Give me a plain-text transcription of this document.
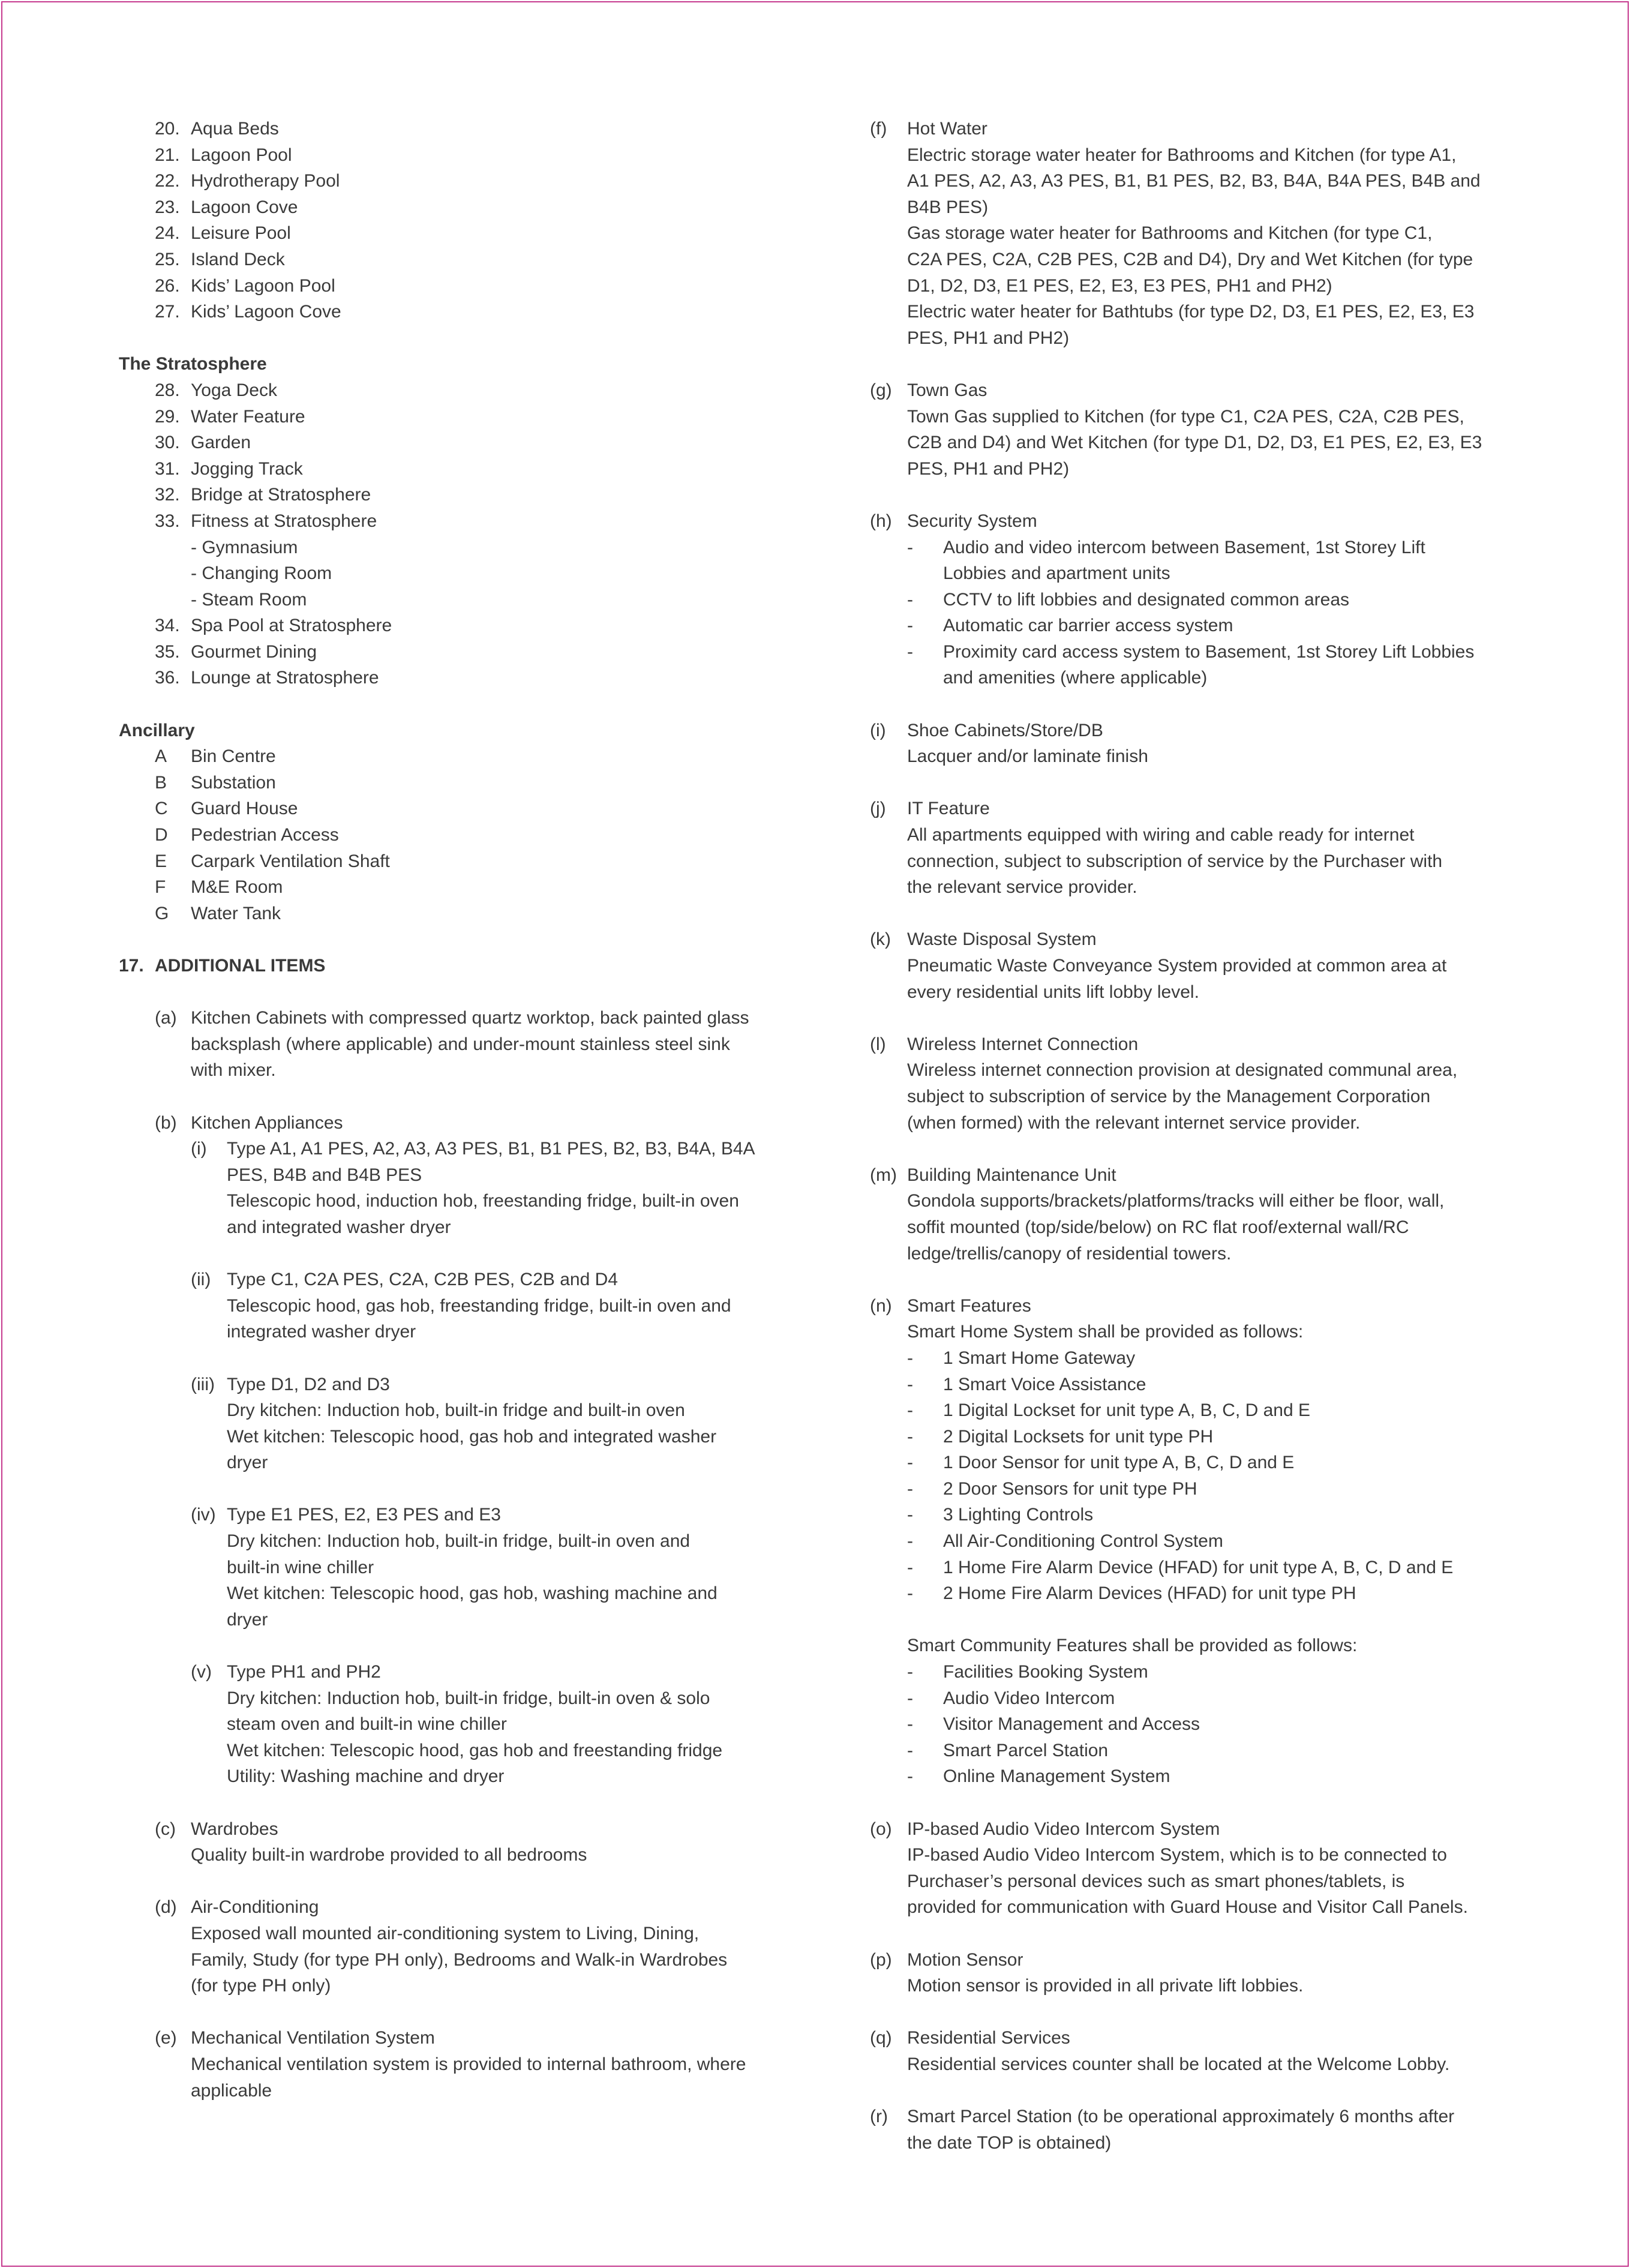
20. Aqua Beds
21. Lagoon Pool
22. Hydrotherapy Pool
23. Lagoon Cove
24. Leisure Pool
25. Island Deck
26. Kids’ Lagoon Pool
27. Kids’ Lagoon Cove
The Stratosphere
28. Yoga Deck
29. Water Feature
30. Garden
31. Jogging Track
32. Bridge at Stratosphere
33. Fitness at Stratosphere
- Gymnasium
- Changing Room
- Steam Room
34. Spa Pool at Stratosphere
35. Gourmet Dining
36. Lounge at Stratosphere
Ancillary
A	Bin Centre
B	Substation
C	Guard House
D	Pedestrian Access
E	Carpark Ventilation Shaft
F	M&E Room
G	Water Tank
17. ADDITIONAL ITEMS
(a) Kitchen Cabinets with compressed quartz worktop, back painted glass
backsplash (where applicable) and under-mount stainless steel sink
with mixer.
(b) Kitchen Appliances
(i)	Type A1, A1 PES, A2, A3, A3 PES, B1, B1 PES, B2, B3, B4A, B4A
PES, B4B and B4B PES
Telescopic hood, induction hob, freestanding fridge, built-in oven
and integrated washer dryer
(ii) Type C1, C2A PES, C2A, C2B PES, C2B and D4
Telescopic hood, gas hob, freestanding fridge, built-in oven and
integrated washer dryer
(iii) Type D1, D2 and D3
Dry kitchen: Induction hob, built-in fridge and built-in oven
Wet kitchen: Telescopic hood, gas hob and integrated washer
dryer
(iv) Type E1 PES, E2, E3 PES and E3
Dry kitchen: Induction hob, built-in fridge, built-in oven and
built-in wine chiller
Wet kitchen: Telescopic hood, gas hob, washing machine and
dryer
(v) Type PH1 and PH2
Dry kitchen: Induction hob, built-in fridge, built-in oven & solo
steam oven and built-in wine chiller
Wet kitchen: Telescopic hood, gas hob and freestanding fridge
Utility: Washing machine and dryer
(c) Wardrobes
Quality built-in wardrobe provided to all bedrooms
(d) Air-Conditioning
Exposed wall mounted air-conditioning system to Living, Dining,
Family, Study (for type PH only), Bedrooms and Walk-in Wardrobes
(for type PH only)
(e) Mechanical Ventilation System
Mechanical ventilation system is provided to internal bathroom, where
applicable
(f)	Hot Water
Electric storage water heater for Bathrooms and Kitchen (for type A1,
A1 PES, A2, A3, A3 PES, B1, B1 PES, B2, B3, B4A, B4A PES, B4B and
B4B PES)
Gas storage water heater for Bathrooms and Kitchen (for type C1,
C2A PES, C2A, C2B PES, C2B and D4), Dry and Wet Kitchen (for type
D1, D2, D3, E1 PES, E2, E3, E3 PES, PH1 and PH2)
Electric water heater for Bathtubs (for type D2, D3, E1 PES, E2, E3, E3
PES, PH1 and PH2)
(g) Town Gas
Town Gas supplied to Kitchen (for type C1, C2A PES, C2A, C2B PES,
C2B and D4) and Wet Kitchen (for type D1, D2, D3, E1 PES, E2, E3, E3
PES, PH1 and PH2)
(h) Security System
-	Audio and video intercom between Basement, 1st Storey Lift
Lobbies and apartment units
-	CCTV to lift lobbies and designated common areas
-	Automatic car barrier access system
-	Proximity card access system to Basement, 1st Storey Lift Lobbies
and amenities (where applicable)
(i)	Shoe Cabinets/Store/DB
Lacquer and/or laminate finish
(j)	IT Feature
All apartments equipped with wiring and cable ready for internet
connection, subject to subscription of service by the Purchaser with
the relevant service provider.
(k) Waste Disposal System
Pneumatic Waste Conveyance System provided at common area at
every residential units lift lobby level.
(l)	Wireless Internet Connection
Wireless internet connection provision at designated communal area,
subject to subscription of service by the Management Corporation
(when formed) with the relevant internet service provider.
(m) Building Maintenance Unit
Gondola supports/brackets/platforms/tracks will either be floor, wall,
soffit mounted (top/side/below) on RC flat roof/external wall/RC
ledge/trellis/canopy of residential towers.
(n) Smart Features
Smart Home System shall be provided as follows:
-	1 Smart Home Gateway
-	1 Smart Voice Assistance
-	1 Digital Lockset for unit type A, B, C, D and E
-	2 Digital Locksets for unit type PH
-	1 Door Sensor for unit type A, B, C, D and E
-	2 Door Sensors for unit type PH
-	3 Lighting Controls
-	All Air-Conditioning Control System
-	1 Home Fire Alarm Device (HFAD) for unit type A, B, C, D and E
-	2 Home Fire Alarm Devices (HFAD) for unit type PH
Smart Community Features shall be provided as follows:
-	Facilities Booking System
-	Audio Video Intercom
-	Visitor Management and Access
-	Smart Parcel Station
-	Online Management System
(o) IP-based Audio Video Intercom System
IP-based Audio Video Intercom System, which is to be connected to
Purchaser’s personal devices such as smart phones/tablets, is
provided for communication with Guard House and Visitor Call Panels.
(p) Motion Sensor
Motion sensor is provided in all private lift lobbies.
(q) Residential Services
Residential services counter shall be located at the Welcome Lobby.
(r)	Smart Parcel Station (to be operational approximately 6 months after
the date TOP is obtained)
